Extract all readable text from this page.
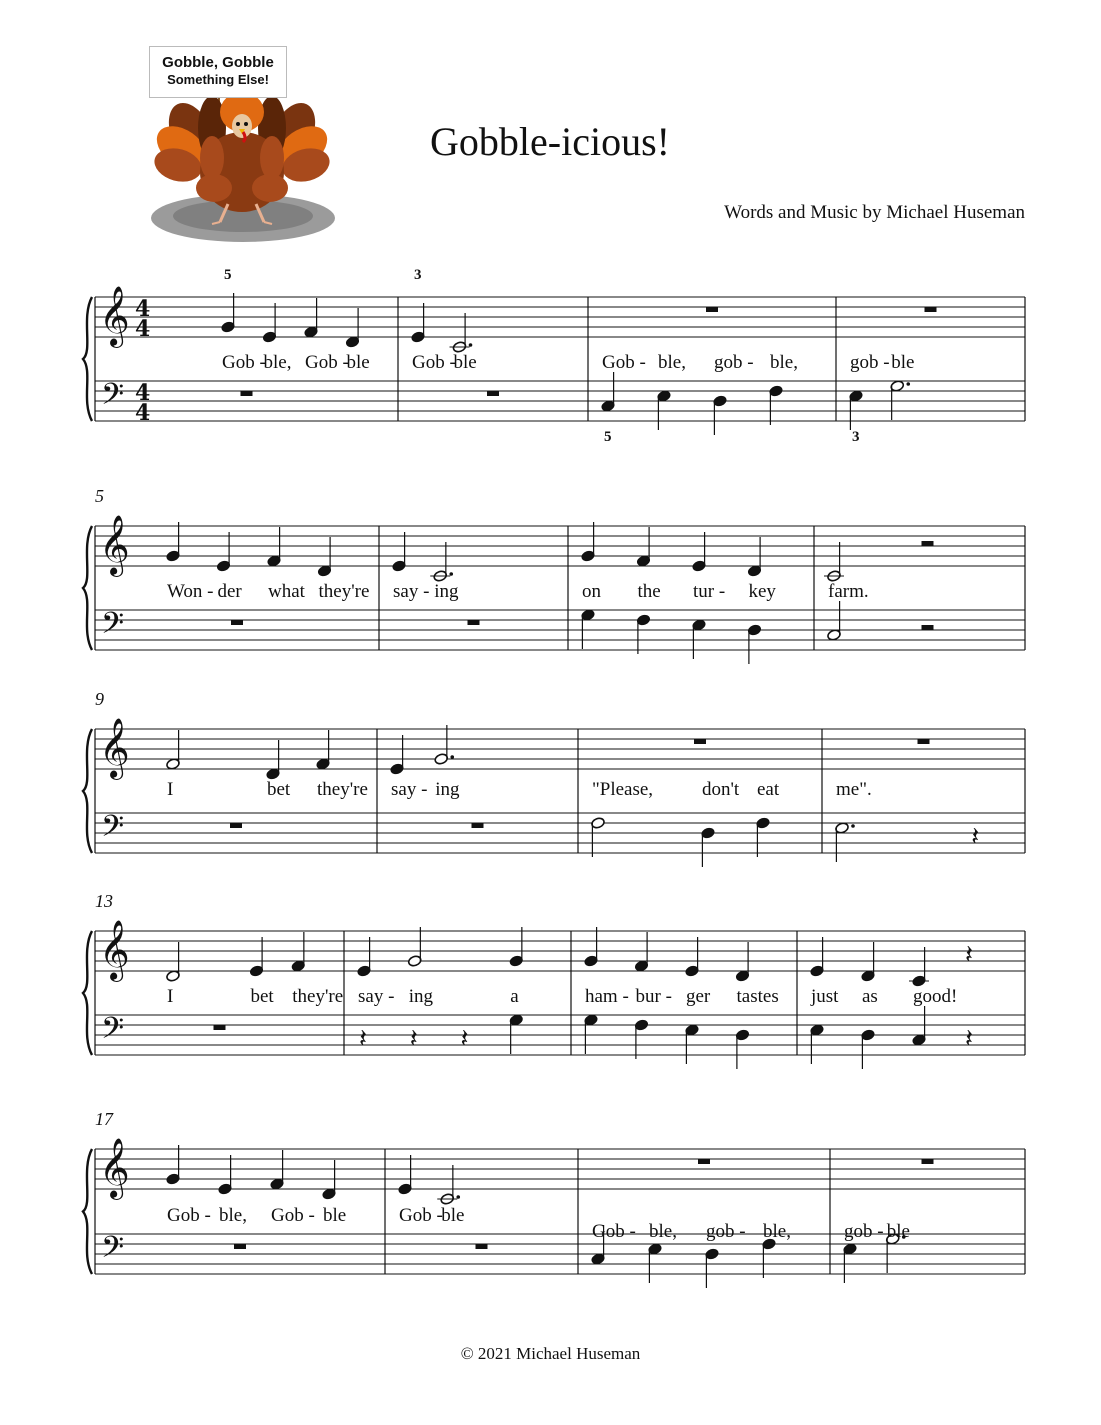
Gobble, Gobble
Something Else!
Gobble-icious!
Words and Music by Michael Huseman
𝄞
𝄢
4
4
4
4
5
Gob -
ble, Gob -
ble
3
Gob -
ble
5
Gob - ble, gob - ble,
3
gob - ble
𝄞
𝄢
5
Won - der what they're say - ing	on the tur - key	farm.
𝄞
𝄢
9
I	bet they're say - ing	"Please,	don't eat
𝄽
me".
𝄞
𝄢
13
I	bet they're
𝄽 𝄽 𝄽
say - ing	a	ham - bur - ger tastes
𝄽
𝄽
just as good!
𝄞
𝄢
17
Gob - ble, Gob - ble	Gob -
ble
Gob - ble, gob - ble,	gob - ble
© 2021 Michael Huseman
